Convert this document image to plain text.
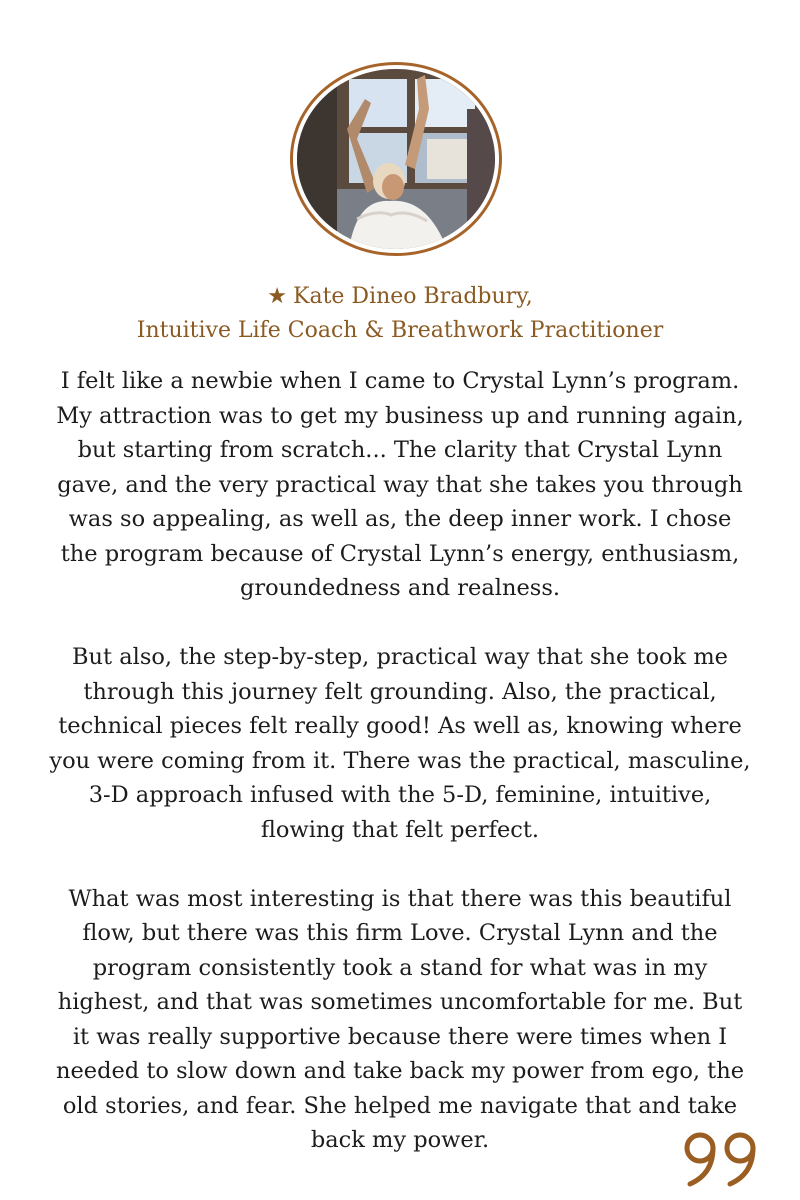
★ Kate Dineo Bradbury,
Intuitive Life Coach & Breathwork Practitioner

I felt like a newbie when I came to Crystal Lynn’s program. My attraction was to get my business up and running again, but starting from scratch... The clarity that Crystal Lynn gave, and the very practical way that she takes you through was so appealing, as well as, the deep inner work. I chose the program because of Crystal Lynn’s energy, enthusiasm, groundedness and realness.

But also, the step-by-step, practical way that she took me through this journey felt grounding. Also, the practical, technical pieces felt really good! As well as, knowing where you were coming from it. There was the practical, masculine, 3-D approach infused with the 5-D, feminine, intuitive, flowing that felt perfect.

What was most interesting is that there was this beautiful flow, but there was this firm Love. Crystal Lynn and the program consistently took a stand for what was in my highest, and that was sometimes uncomfortable for me. But it was really supportive because there were times when I needed to slow down and take back my power from ego, the old stories, and fear. She helped me navigate that and take back my power.
